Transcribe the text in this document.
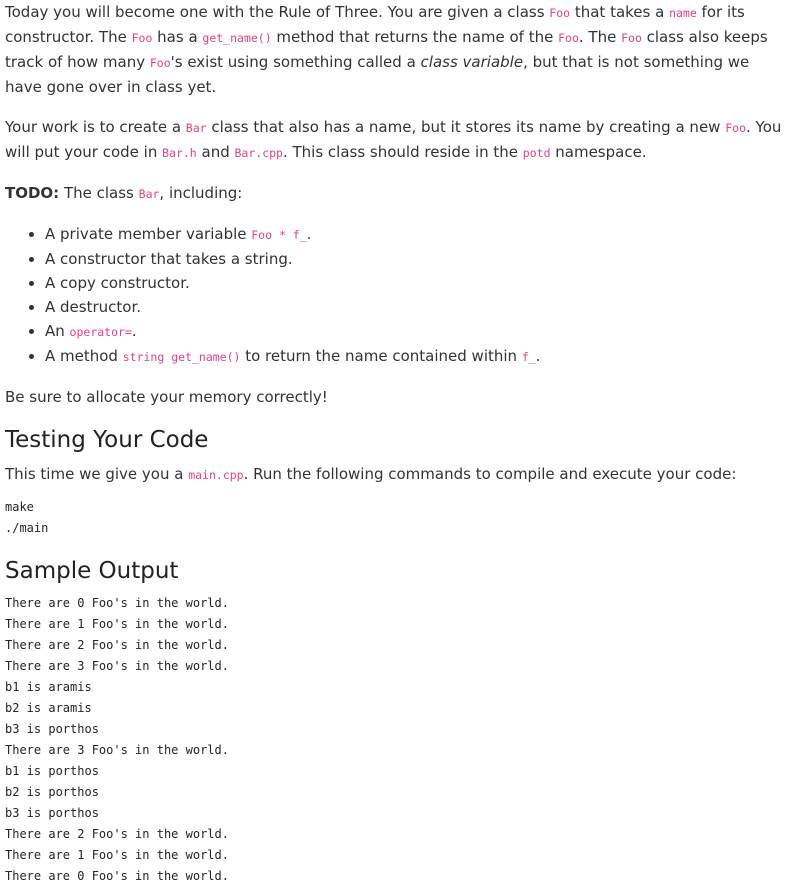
Today you will become one with the Rule of Three. You are given a class Foo that takes a name for its constructor. The Foo has a get_name() method that returns the name of the Foo. The Foo class also keeps track of how many Foo's exist using something called a class variable, but that is not something we have gone over in class yet.

Your work is to create a Bar class that also has a name, but it stores its name by creating a new Foo. You will put your code in Bar.h and Bar.cpp. This class should reside in the potd namespace.

TODO: The class Bar, including:

• A private member variable Foo * f_.
• A constructor that takes a string.
• A copy constructor.
• A destructor.
• An operator=.
• A method string get_name() to return the name contained within f_.

Be sure to allocate your memory correctly!

Testing Your Code

This time we give you a main.cpp. Run the following commands to compile and execute your code:

make
./main
Sample Output
There are 0 Foo's in the world.
There are 1 Foo's in the world.
There are 2 Foo's in the world.
There are 3 Foo's in the world.
b1 is aramis
b2 is aramis
b3 is porthos
There are 3 Foo's in the world.
b1 is porthos
b2 is porthos
b3 is porthos
There are 2 Foo's in the world.
There are 1 Foo's in the world.
There are 0 Foo's in the world.
